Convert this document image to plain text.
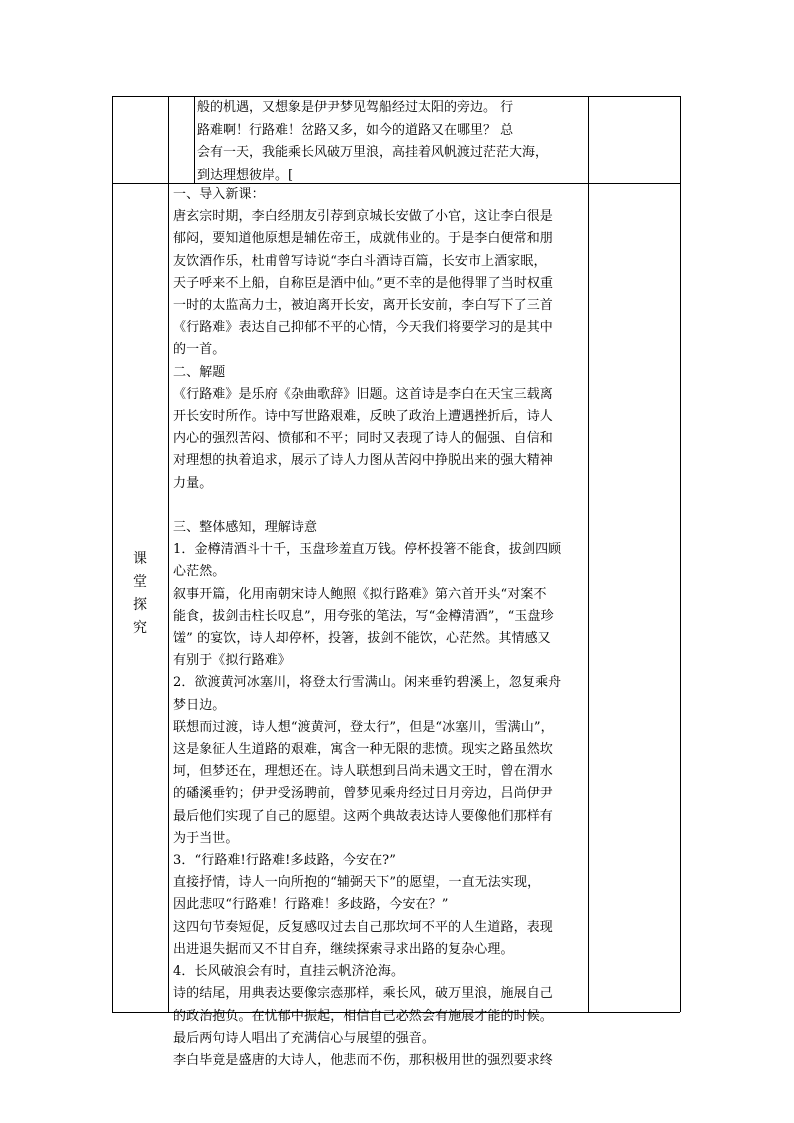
般的机遇，又想象是伊尹梦见驾船经过太阳的旁边。 行

路难啊！行路难！岔路又多，如今的道路又在哪里？ 总

会有一天，我能乘长风破万里浪，高挂着风帆渡过茫茫大海，

到达理想彼岸。[

课
堂
探
究

一、导入新课：

唐玄宗时期，李白经朋友引荐到京城长安做了小官，这让李白很是

郁闷，要知道他原想是辅佐帝王，成就伟业的。于是李白便常和朋

友饮酒作乐，杜甫曾写诗说“李白斗酒诗百篇，长安市上酒家眠，

天子呼来不上船，自称臣是酒中仙。”更不幸的是他得罪了当时权重

一时的太监高力士，被迫离开长安，离开长安前，李白写下了三首

《行路难》表达自己抑郁不平的心情，今天我们将要学习的是其中

的一首。

二、解题

《行路难》是乐府《杂曲歌辞》旧题。这首诗是李白在天宝三载离

开长安时所作。诗中写世路艰难，反映了政治上遭遇挫折后，诗人

内心的强烈苦闷、愤郁和不平；同时又表现了诗人的倔强、自信和

对理想的执着追求，展示了诗人力图从苦闷中挣脱出来的强大精神

力量。

三、整体感知，理解诗意

1．金樽清酒斗十千，玉盘珍羞直万钱。停杯投箸不能食，拔剑四顾

心茫然。

叙事开篇，化用南朝宋诗人鲍照《拟行路难》第六首开头“对案不

能食，拔剑击柱长叹息”，用夸张的笔法，写“金樽清酒”，“玉盘珍

馐” 的宴饮，诗人却停杯，投箸，拔剑不能饮，心茫然。其情感又

有别于《拟行路难》

2．欲渡黄河冰塞川，将登太行雪满山。闲来垂钓碧溪上，忽复乘舟

梦日边。

联想而过渡，诗人想“渡黄河，登太行”，但是“冰塞川，雪满山”，

这是象征人生道路的艰难，寓含一种无限的悲愤。现实之路虽然坎

坷，但梦还在，理想还在。诗人联想到吕尚未遇文王时，曾在渭水

的磻溪垂钓；伊尹受汤聘前，曾梦见乘舟经过日月旁边，吕尚伊尹

最后他们实现了自己的愿望。这两个典故表达诗人要像他们那样有

为于当世。

3．“行路难!行路难!多歧路，今安在?”

直接抒情，诗人一向所抱的“辅弼天下”的愿望，一直无法实现，

因此悲叹“行路难！行路难！多歧路，今安在？”

这四句节奏短促，反复感叹过去自己那坎坷不平的人生道路，表现

出进退失据而又不甘自弃，继续探索寻求出路的复杂心理。

4．长风破浪会有时，直挂云帆济沧海。

诗的结尾，用典表达要像宗悫那样，乘长风，破万里浪，施展自己

的政治抱负。在忧郁中振起，相信自己必然会有施展才能的时候。

最后两句诗人唱出了充满信心与展望的强音。

李白毕竟是盛唐的大诗人，他悲而不伤，那积极用世的强烈要求终
